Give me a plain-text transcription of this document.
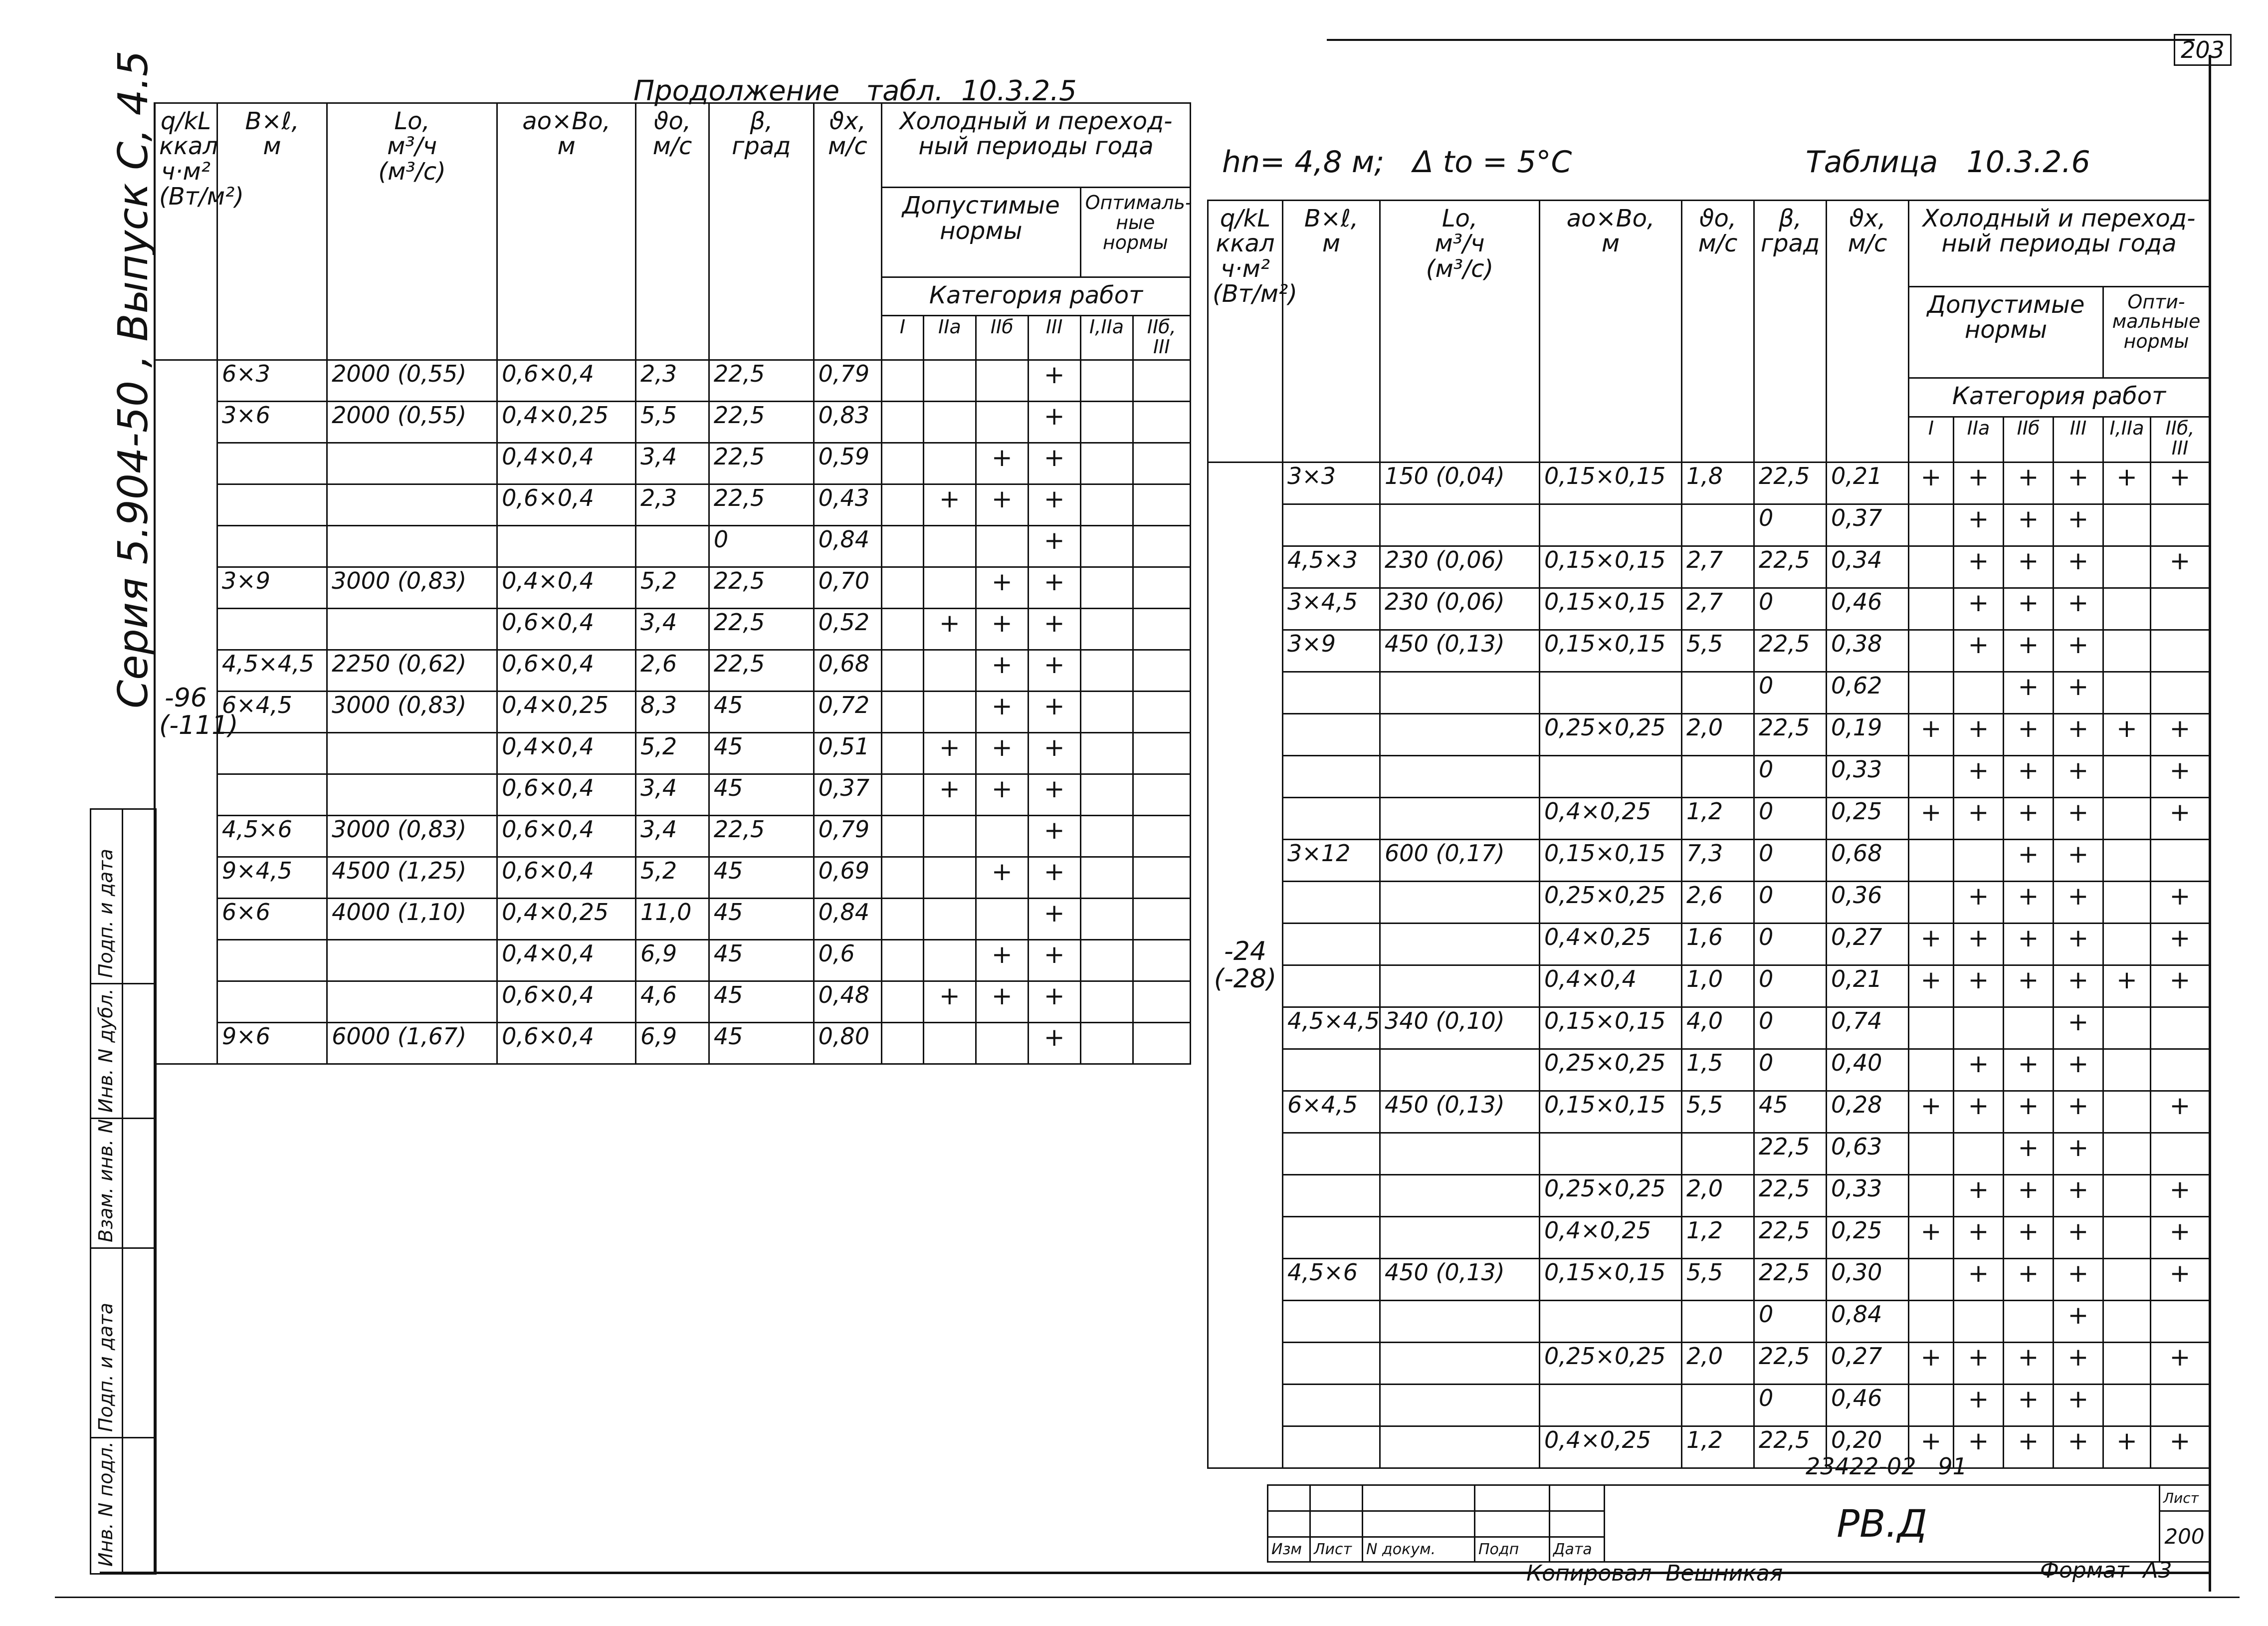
203
Продолжение   табл.  10.3.2.5
Серия 5.904-50 , Выпуск С, 4.5
Подп. и дата
Инв. N дубл.
Взам. инв. N
Подп. и дата
Инв. N подл.
q/kL
ккал
ч·м²
(Вт/м²)	В×ℓ,
м	Lo,
м³/ч
(м³/с)	ao×Вo,
м	ϑo,
м/с	β,
град	ϑx,
м/с	Холодный и переход-
ный периоды года					
							Допустимые
нормы				Оптималь-
ные
нормы	
							Категория работ					
							I	IIa	IIб	III	I,IIa	IIб,
III
-96
(-111)	6×3	2000 (0,55)	0,6×0,4	2,3	22,5	0,79				+		
	3×6	2000 (0,55)	0,4×0,25	5,5	22,5	0,83				+		
			0,4×0,4	3,4	22,5	0,59			+	+		
			0,6×0,4	2,3	22,5	0,43		+	+	+		
					0	0,84				+		
	3×9	3000 (0,83)	0,4×0,4	5,2	22,5	0,70			+	+		
			0,6×0,4	3,4	22,5	0,52		+	+	+		
	4,5×4,5	2250 (0,62)	0,6×0,4	2,6	22,5	0,68			+	+		
	6×4,5	3000 (0,83)	0,4×0,25	8,3	45	0,72			+	+		
			0,4×0,4	5,2	45	0,51		+	+	+		
			0,6×0,4	3,4	45	0,37		+	+	+		
	4,5×6	3000 (0,83)	0,6×0,4	3,4	22,5	0,79				+		
	9×4,5	4500 (1,25)	0,6×0,4	5,2	45	0,69			+	+		
	6×6	4000 (1,10)	0,4×0,25	11,0	45	0,84				+		
			0,4×0,4	6,9	45	0,6			+	+		
			0,6×0,4	4,6	45	0,48		+	+	+		
	9×6	6000 (1,67)	0,6×0,4	6,9	45	0,80				+		
hn= 4,8 м;   Δ to = 5°C	Таблица   10.3.2.6
q/kL
ккал
ч·м²
(Вт/м²)	В×ℓ,
м	Lo,
м³/ч
(м³/с)	ao×Вo,
м	ϑo,
м/с	β,
град	ϑx,
м/с	Холодный и переход-
ный периоды года					
							Допустимые
нормы				Опти-
мальные
нормы	
							Категория работ					
							I	IIa	IIб	III	I,IIa	IIб,
III
-24
(-28)	3×3	150 (0,04)	0,15×0,15	1,8	22,5	0,21	+	+	+	+	+	+
					0	0,37		+	+	+		
	4,5×3	230 (0,06)	0,15×0,15	2,7	22,5	0,34		+	+	+		+
	3×4,5	230 (0,06)	0,15×0,15	2,7	0	0,46		+	+	+		
	3×9	450 (0,13)	0,15×0,15	5,5	22,5	0,38		+	+	+		
					0	0,62			+	+		
			0,25×0,25	2,0	22,5	0,19	+	+	+	+	+	+
					0	0,33		+	+	+		+
			0,4×0,25	1,2	0	0,25	+	+	+	+		+
	3×12	600 (0,17)	0,15×0,15	7,3	0	0,68			+	+		
			0,25×0,25	2,6	0	0,36		+	+	+		+
			0,4×0,25	1,6	0	0,27	+	+	+	+		+
			0,4×0,4	1,0	0	0,21	+	+	+	+	+	+
	4,5×4,5	340 (0,10)	0,15×0,15	4,0	0	0,74				+		
			0,25×0,25	1,5	0	0,40		+	+	+		
	6×4,5	450 (0,13)	0,15×0,15	5,5	45	0,28	+	+	+	+		+
					22,5	0,63			+	+		
			0,25×0,25	2,0	22,5	0,33		+	+	+		+
			0,4×0,25	1,2	22,5	0,25	+	+	+	+		+
	4,5×6	450 (0,13)	0,15×0,15	5,5	22,5	0,30		+	+	+		+
					0	0,84				+		
			0,25×0,25	2,0	22,5	0,27	+	+	+	+		+
					0	0,46		+	+	+		
			0,4×0,25	1,2	22,5	0,20	+	+	+	+	+	+
23422-02   91
					РВ.Д	Лист
						200
Изм	Лист	N докум.	Подп	Дата		
Копировал  Вешникая	Формат  А3
